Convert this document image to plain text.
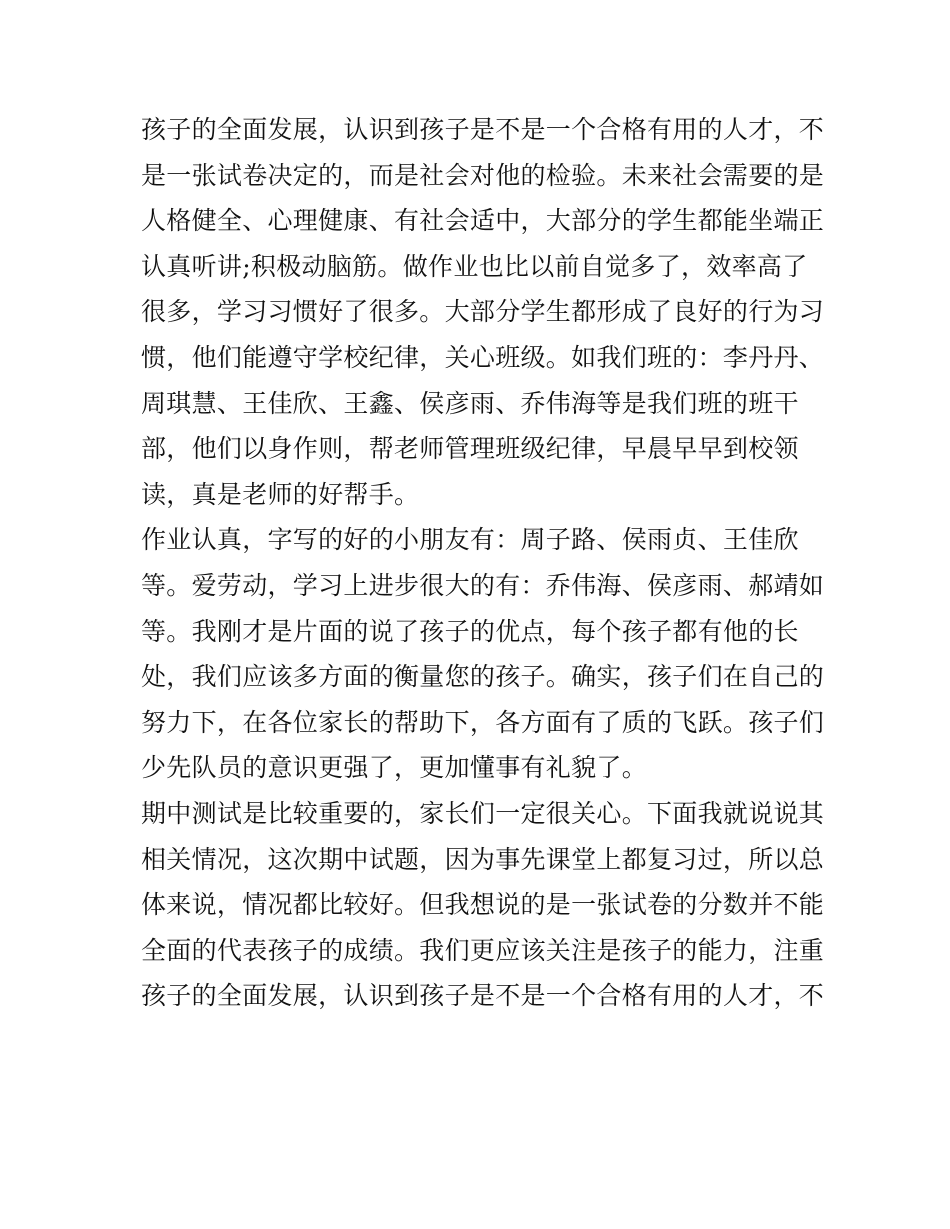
孩子的全面发展，认识到孩子是不是一个合格有用的人才，不
是一张试卷决定的，而是社会对他的检验。未来社会需要的是
人格健全、心理健康、有社会适中，大部分的学生都能坐端正
认真听讲;积极动脑筋。做作业也比以前自觉多了，效率高了
很多，学习习惯好了很多。大部分学生都形成了良好的行为习
惯，他们能遵守学校纪律，关心班级。如我们班的：李丹丹、
周琪慧、王佳欣、王鑫、侯彦雨、乔伟海等是我们班的班干
部，他们以身作则，帮老师管理班级纪律，早晨早早到校领
读，真是老师的好帮手。
作业认真，字写的好的小朋友有：周子路、侯雨贞、王佳欣
等。爱劳动，学习上进步很大的有：乔伟海、侯彦雨、郝靖如
等。我刚才是片面的说了孩子的优点，每个孩子都有他的长
处，我们应该多方面的衡量您的孩子。确实，孩子们在自己的
努力下，在各位家长的帮助下，各方面有了质的飞跃。孩子们
少先队员的意识更强了，更加懂事有礼貌了。
期中测试是比较重要的，家长们一定很关心。下面我就说说其
相关情况，这次期中试题，因为事先课堂上都复习过，所以总
体来说，情况都比较好。但我想说的是一张试卷的分数并不能
全面的代表孩子的成绩。我们更应该关注是孩子的能力，注重
孩子的全面发展，认识到孩子是不是一个合格有用的人才，不
